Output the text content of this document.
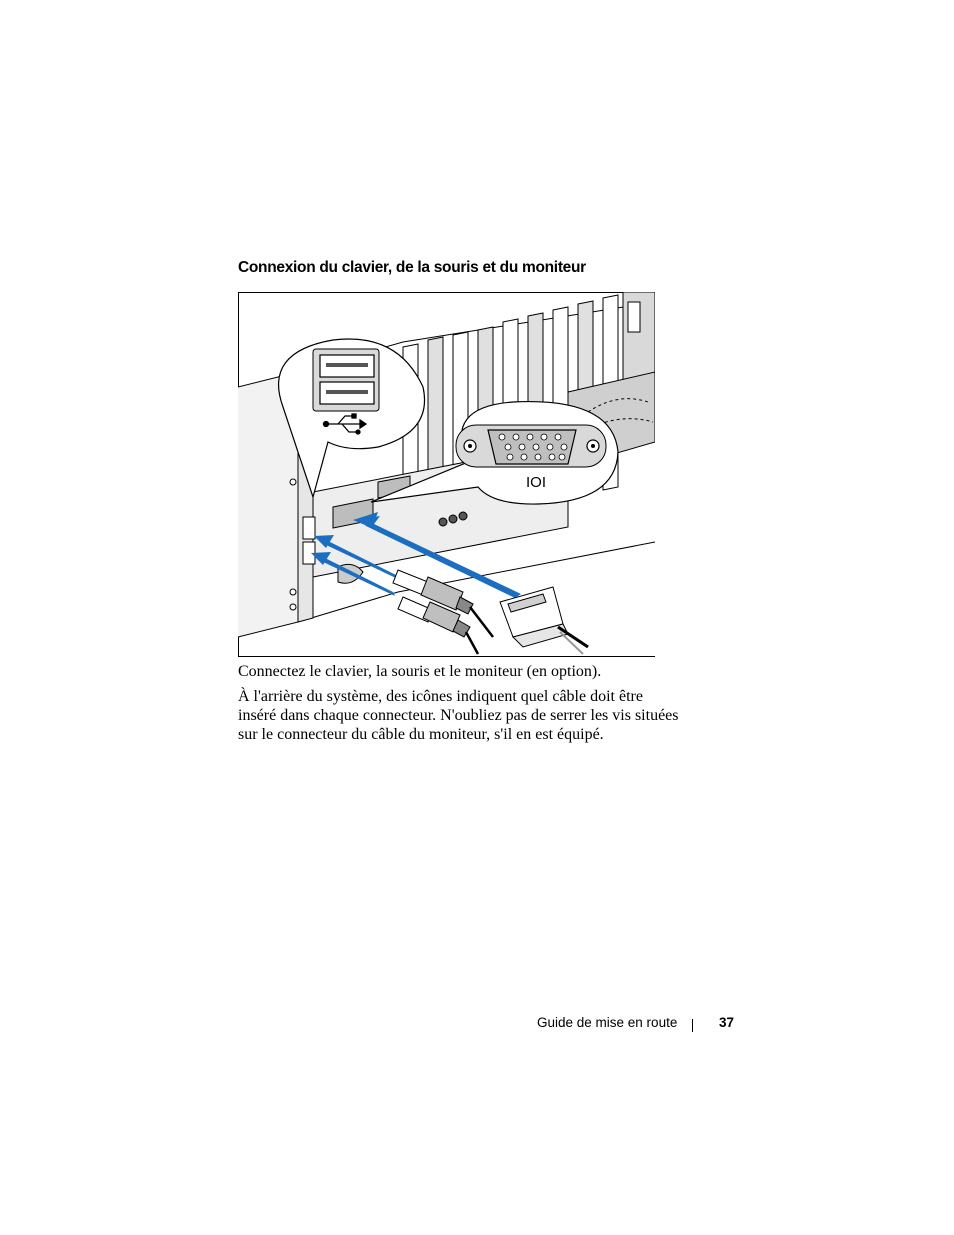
Connexion du clavier, de la souris et du moniteur
IOI

Connectez le clavier, la souris et le moniteur (en option).

À l'arrière du système, des icônes indiquent quel câble doit être inséré dans chaque connecteur. N'oubliez pas de serrer les vis situées sur le connecteur du câble du moniteur, s'il en est équipé.

Guide de mise en route	37
